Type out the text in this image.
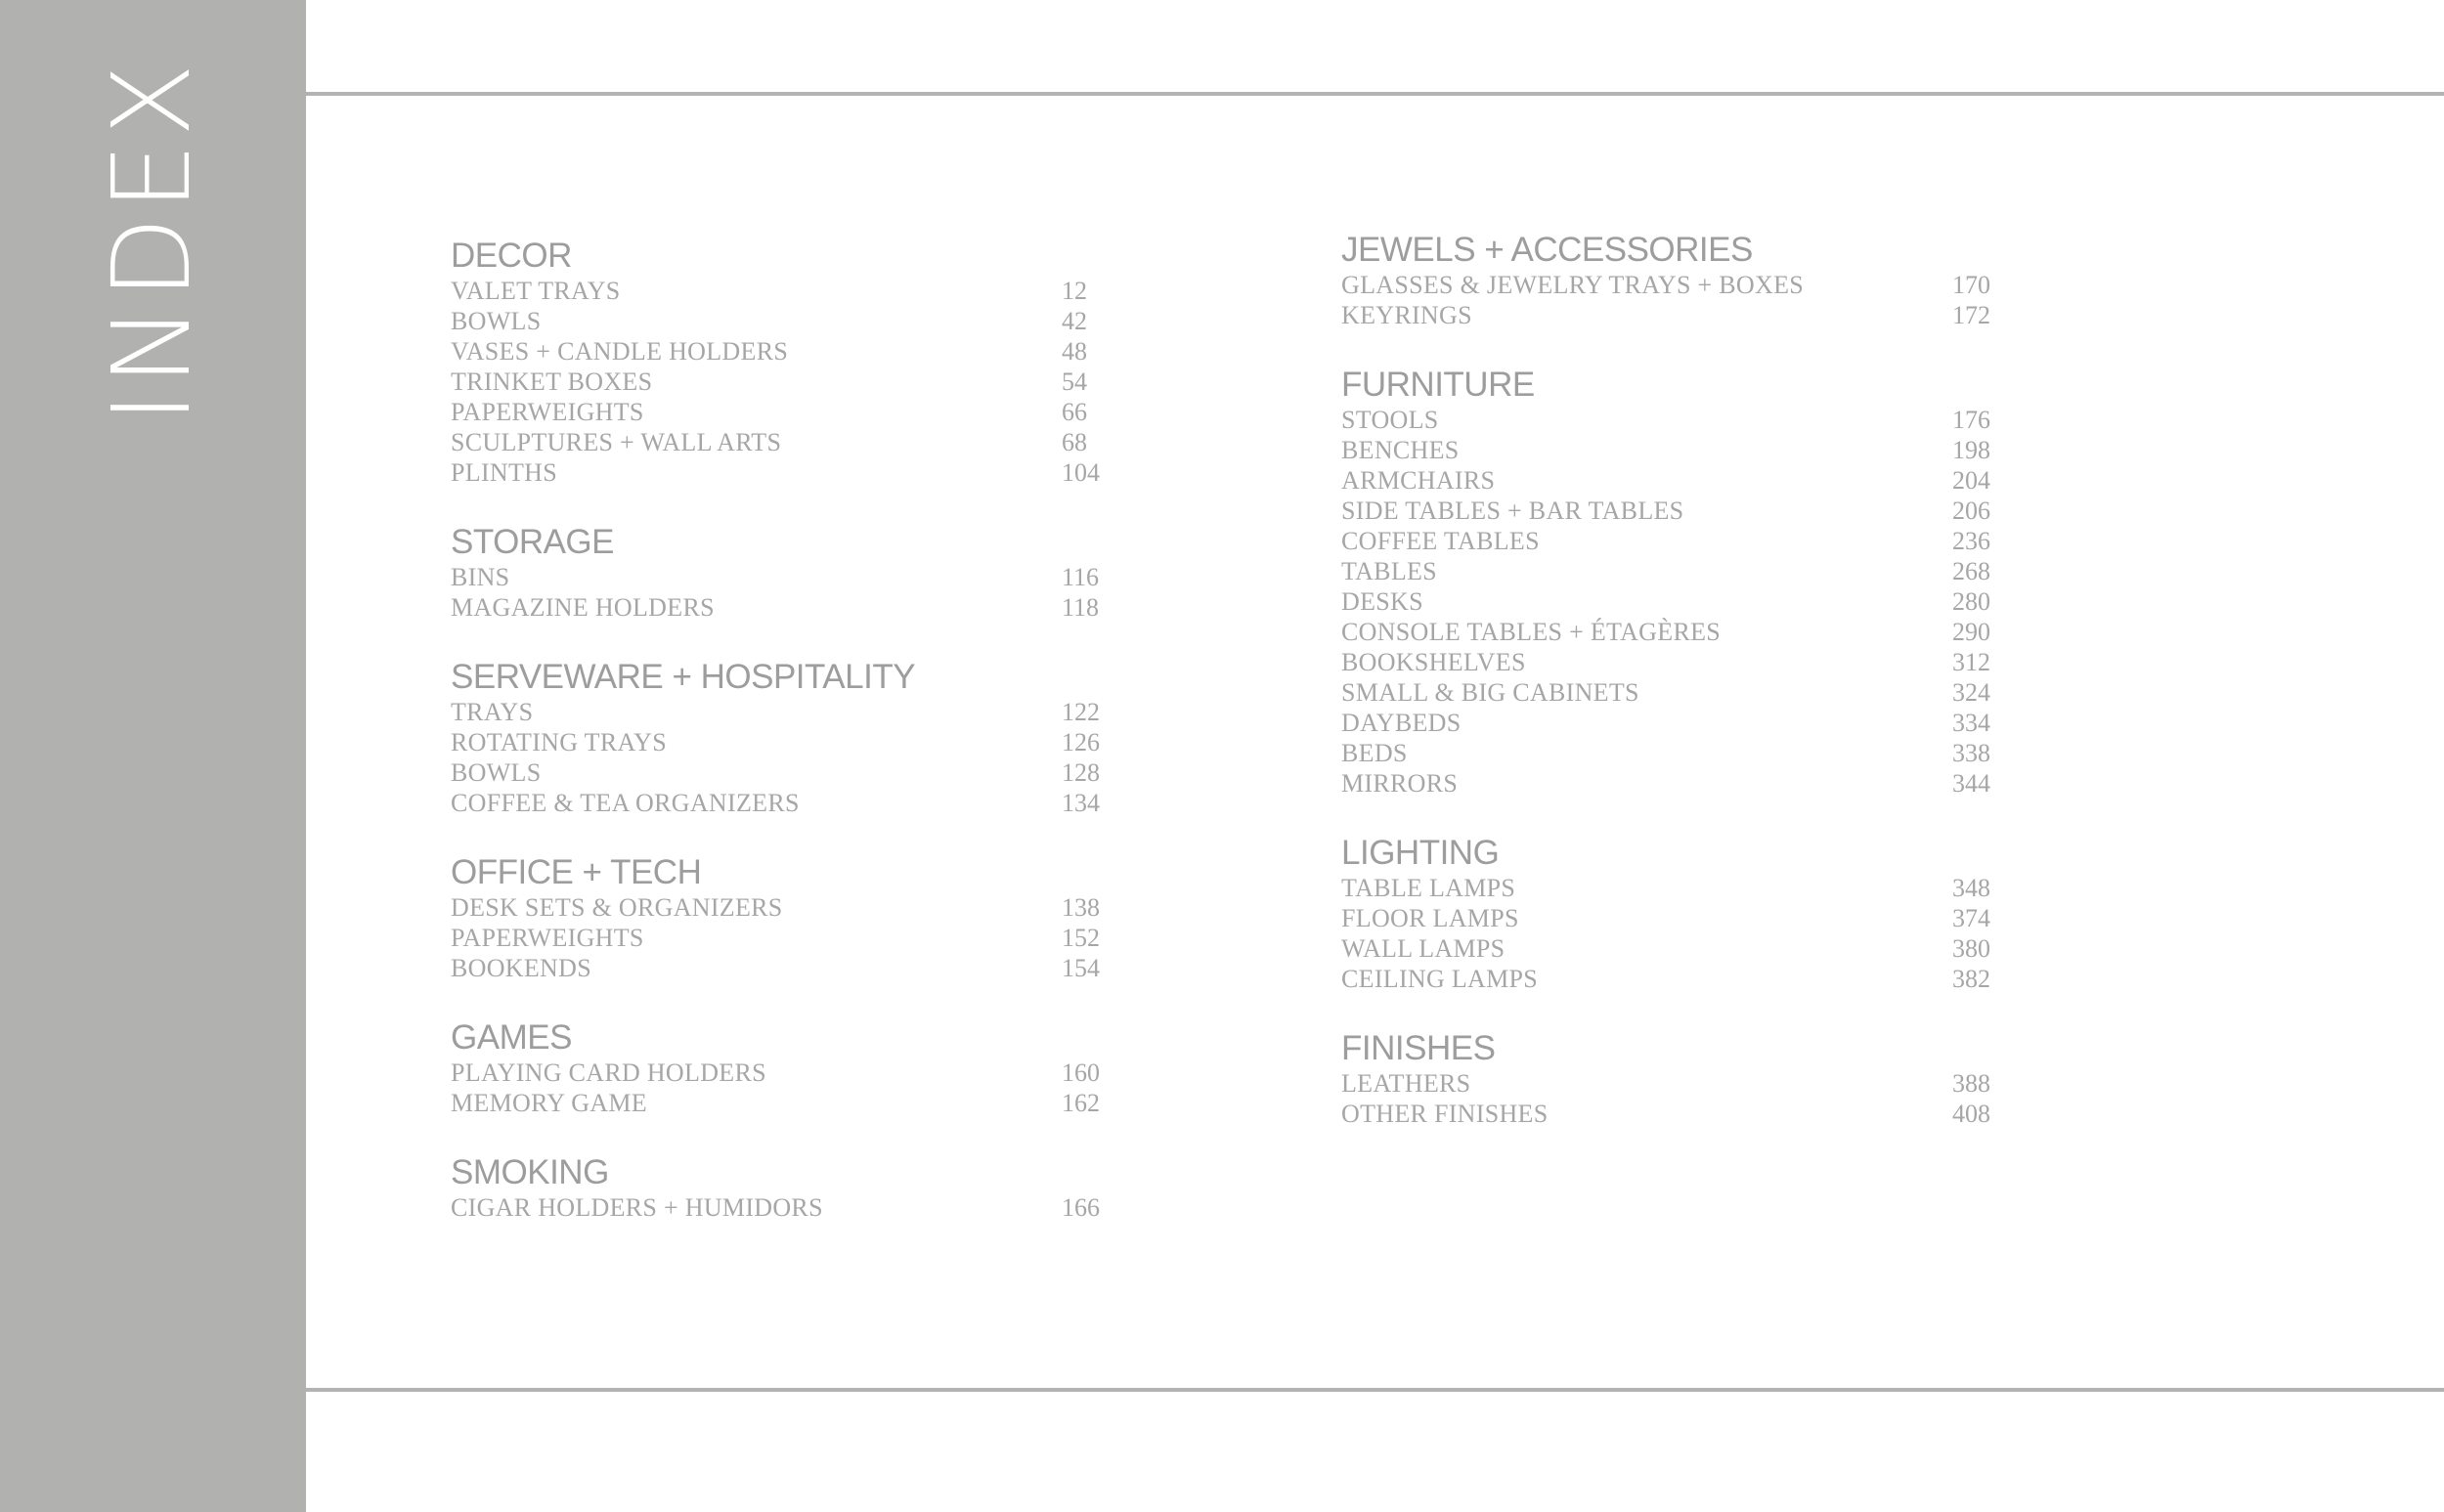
INDEX	DECOR
VALET TRAYS	12
BOWLS	42
VASES + CANDLE HOLDERS	48
TRINKET BOXES	54
PAPERWEIGHTS	66
SCULPTURES + WALL ARTS	68
PLINTHS	104
STORAGE
BINS	116
MAGAZINE HOLDERS	118
SERVEWARE + HOSPITALITY
TRAYS	122
ROTATING TRAYS	126
BOWLS	128
COFFEE & TEA ORGANIZERS	134
OFFICE + TECH
DESK SETS & ORGANIZERS	138
PAPERWEIGHTS	152
BOOKENDS	154
GAMES
PLAYING CARD HOLDERS	160
MEMORY GAME	162
SMOKING
CIGAR HOLDERS + HUMIDORS	166
JEWELS + ACCESSORIES
GLASSES & JEWELRY TRAYS + BOXES	170
KEYRINGS	172
FURNITURE
STOOLS	176
BENCHES	198
ARMCHAIRS	204
SIDE TABLES + BAR TABLES	206
COFFEE TABLES	236
TABLES	268
DESKS	280
CONSOLE TABLES + ÉTAGÈRES	290
BOOKSHELVES	312
SMALL & BIG CABINETS	324
DAYBEDS	334
BEDS	338
MIRRORS	344
LIGHTING
TABLE LAMPS	348
FLOOR LAMPS	374
WALL LAMPS	380
CEILING LAMPS	382
FINISHES
LEATHERS	388
OTHER FINISHES	408
